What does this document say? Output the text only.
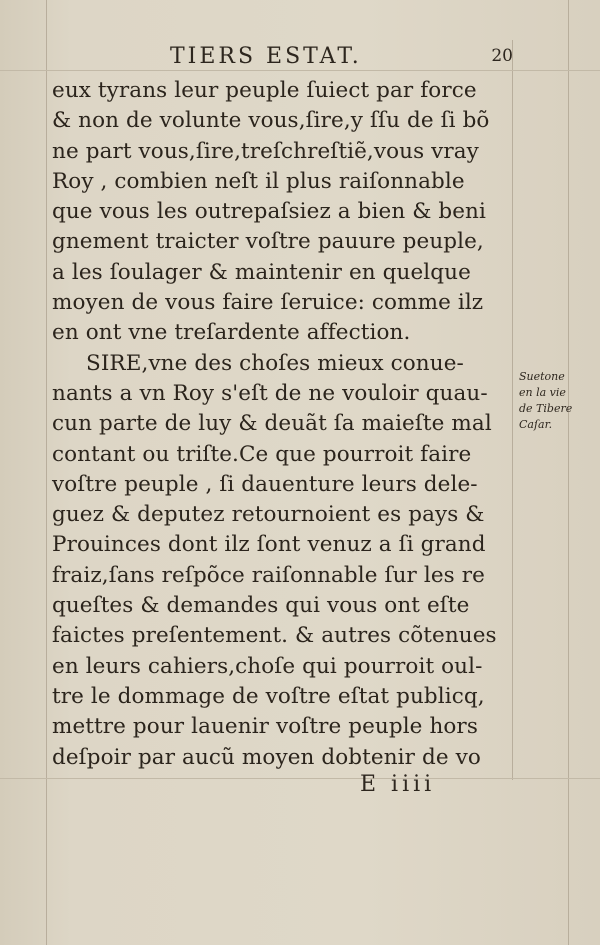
TIERS ESTAT.	20
eux tyrans leur peuple ſuiect par force
& non de volunte vous,ſire,y ſſu de ſi bõ
ne part vous,ſire,treſchreſtiẽ,vous vray
Roy , combien neſt il plus raiſonnable
que vous les outrepaſsiez a bien & beni
gnement traicter voſtre pauure peuple,
a les ſoulager & maintenir en quelque
moyen de vous faire ſeruice: comme ilz
en ont vne treſardente affection.
SIRE,vne des choſes mieux conue-
nants a vn Roy s'eſt de ne vouloir quau-
cun parte de luy & deuãt ſa maieſte mal
contant ou triſte.Ce que pourroit faire
voſtre peuple , ſi dauenture leurs dele-
guez & deputez retournoient es pays &
Prouinces dont ilz ſont venuz a ſi grand
fraiz,ſans reſpõce raiſonnable ſur les re
queſtes & demandes qui vous ont eſte
faictes preſentement. & autres cõtenues
en leurs cahiers,choſe qui pourroit oul-
tre le dommage de voſtre eſtat publicq,
mettre pour lauenir voſtre peuple hors
deſpoir par aucũ moyen dobtenir de vo
Suetone
en la vie
de Tibere
Caſar.
E iiii
